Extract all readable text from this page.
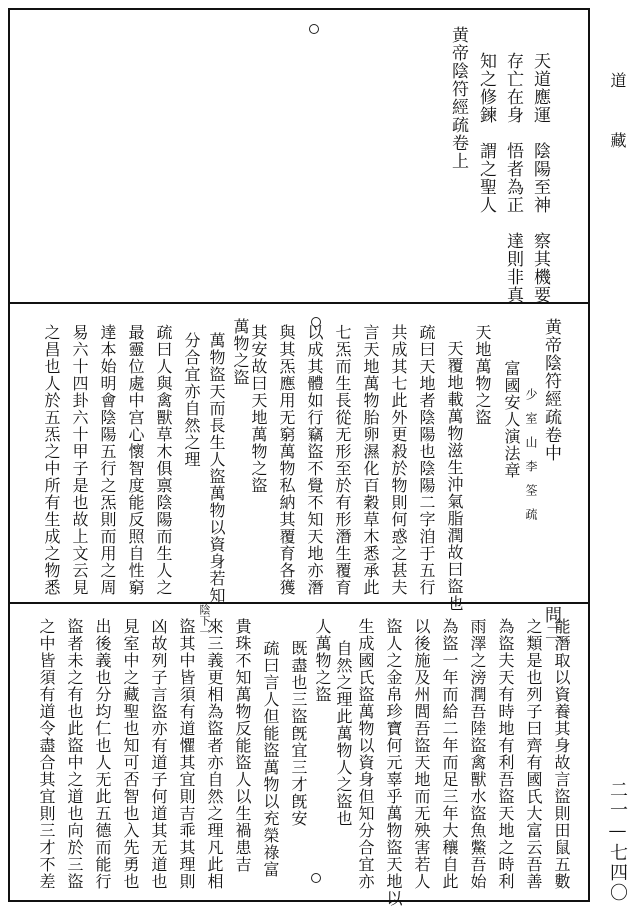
道　藏
二一—七四〇
天道應運　陰陽至神　察其機要
存亡在身　悟者為正　達則非真
知之修鍊　謂之聖人
黄帝陰符經疏卷上
黄帝陰符經疏卷中　　　　　　　　問二
少　室　山　李　筌　疏
富國安人演法章
天地萬物之盜
天覆地載萬物滋生沖氣脂潤故曰盜也
疏曰天地者陰陽也陰陽二字洎于五行
共成其七此外更殺於物則何惑之甚夫
言天地萬物胎卵濕化百穀草木悉承此
七炁而生長從无形至於有形潛生覆育
以成其體如行竊盜不覺不知天地亦潛
與其炁應用无窮萬物私納其覆育各獲
其安故曰天地萬物之盜
萬物之盜
萬物盜天而長生人盜萬物以資身若知
分合宜亦自然之理
疏曰人與禽獸草木俱禀陰陽而生人之
最靈位處中宫心懷智度能反照自性窮
達本始明會陰陽五行之炁則而用之周
易六十四卦六十甲子是也故上文云見
之昌也人於五炁之中所有生成之物悉
能潛取以資養其身故言盜則田鼠五數
之類是也列子曰齊有國氏大富云吾善
為盜夫天有時地有利吾盜天地之時利
雨澤之滂潤吾陸盜禽獸水盜魚鱉吾始
為盜一年而給二年而足三年大穰自此
以後施及州閭吾盜天地而无殃害若人
盜人之金帛珍寶何元辜乎萬物盜天地以
生成國氏盜萬物以資身但知分合宜亦
自然之理此萬物人之盜也
人萬物之盜
既盡也三盜旣宜三才旣安
疏曰言人但能盜萬物以充榮祿富
貴珠不知萬物反能盜人以生禍患吉
來三義更相為盜者亦自然之理凡此相
盜其中皆須有道懼其宜則吉乖其理則
凶故列子言盜亦有道子何道其无道也
見室中之藏聖也知可否智也入先勇也
出後義也分均仁也人无此五德而能行
盜者未之有也此盜中之道也向於三盜
之中皆須有道令盡合其宜則三才不差	陰下一
